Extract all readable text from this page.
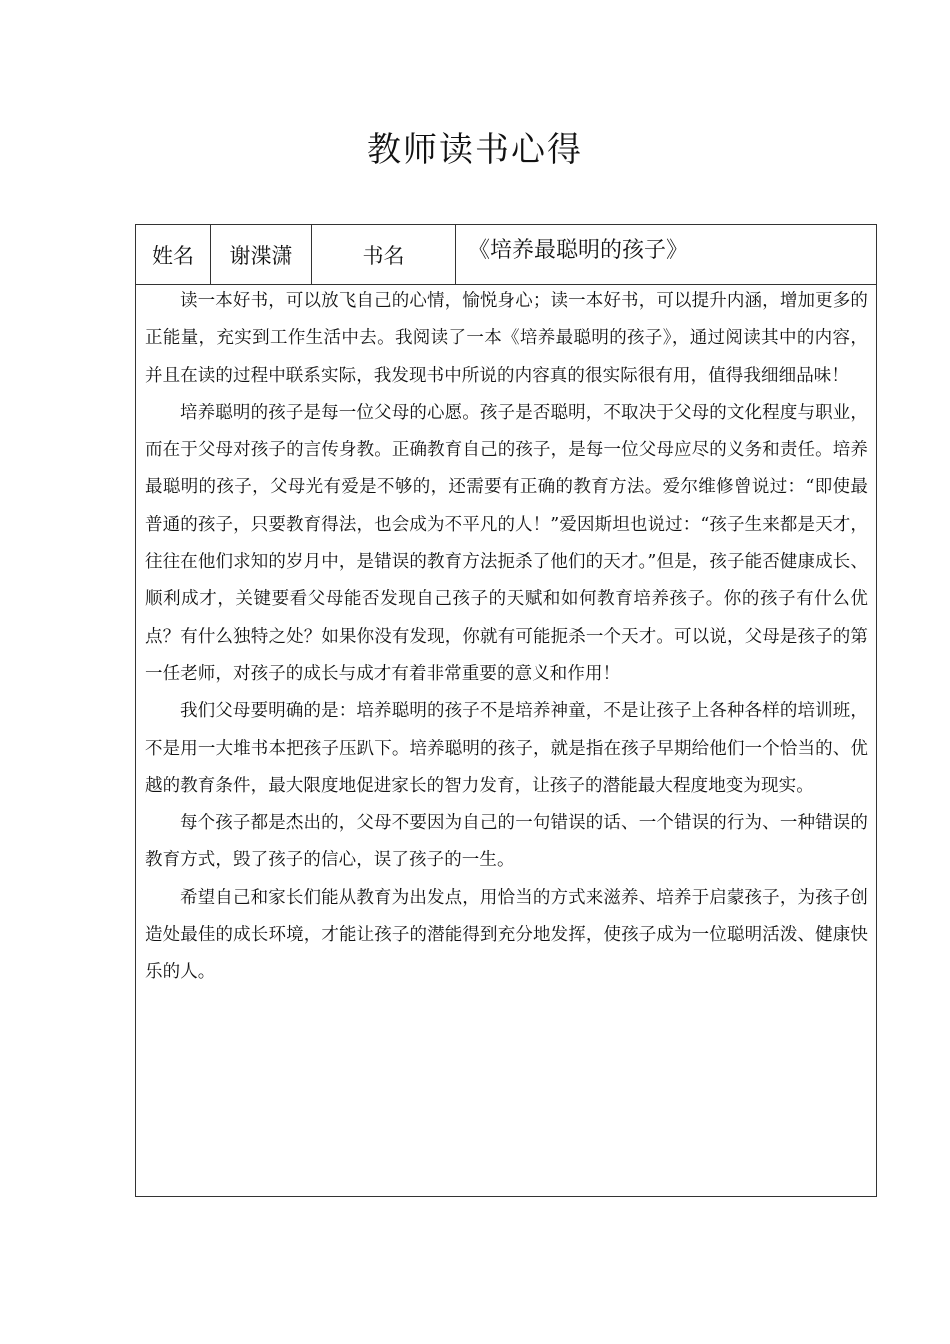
教师读书心得
姓名	谢渫潇	书名	《培养最聪明的孩子》

读一本好书，可以放飞自己的心情，愉悦身心；读一本好书，可以提升内涵，增加更多的正能量，充实到工作生活中去。我阅读了一本《培养最聪明的孩子》，通过阅读其中的内容，并且在读的过程中联系实际，我发现书中所说的内容真的很实际很有用，值得我细细品味！

培养聪明的孩子是每一位父母的心愿。孩子是否聪明，不取决于父母的文化程度与职业，而在于父母对孩子的言传身教。正确教育自己的孩子，是每一位父母应尽的义务和责任。培养最聪明的孩子，父母光有爱是不够的，还需要有正确的教育方法。爱尔维修曾说过：“即使最普通的孩子，只要教育得法，也会成为不平凡的人！”爱因斯坦也说过：“孩子生来都是天才，往往在他们求知的岁月中，是错误的教育方法扼杀了他们的天才。”但是，孩子能否健康成长、顺利成才，关键要看父母能否发现自己孩子的天赋和如何教育培养孩子。你的孩子有什么优点？有什么独特之处？如果你没有发现，你就有可能扼杀一个天才。可以说，父母是孩子的第一任老师，对孩子的成长与成才有着非常重要的意义和作用！

我们父母要明确的是：培养聪明的孩子不是培养神童，不是让孩子上各种各样的培训班，不是用一大堆书本把孩子压趴下。培养聪明的孩子，就是指在孩子早期给他们一个恰当的、优越的教育条件，最大限度地促进家长的智力发育，让孩子的潜能最大程度地变为现实。

每个孩子都是杰出的，父母不要因为自己的一句错误的话、一个错误的行为、一种错误的教育方式，毁了孩子的信心，误了孩子的一生。

希望自己和家长们能从教育为出发点，用恰当的方式来滋养、培养于启蒙孩子，为孩子创造处最佳的成长环境，才能让孩子的潜能得到充分地发挥，使孩子成为一位聪明活泼、健康快乐的人。
